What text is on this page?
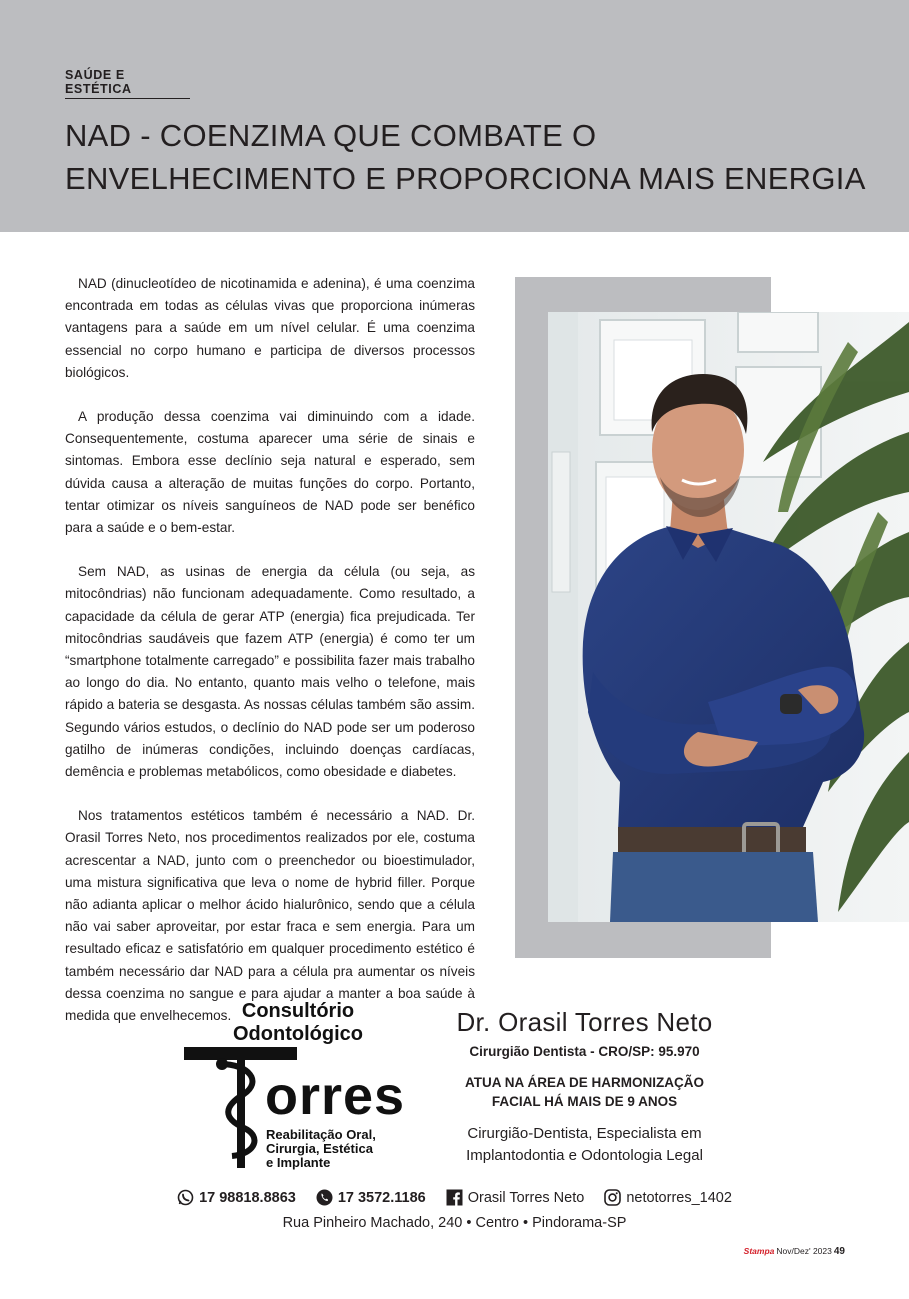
SAÚDE E ESTÉTICA
NAD - COENZIMA QUE COMBATE O
ENVELHECIMENTO E PROPORCIONA MAIS ENERGIA

NAD (dinucleotídeo de nicotinamida e adenina), é uma coenzima encontrada em todas as células vivas que proporciona inúmeras vantagens para a saúde em um nível celular. É uma coenzima essencial no corpo humano e participa de diversos processos biológicos.

A produção dessa coenzima vai diminuindo com a idade. Consequentemente, costuma aparecer uma série de sinais e sintomas. Embora esse declínio seja natural e esperado, sem dúvida causa a alteração de muitas funções do corpo. Portanto, tentar otimizar os níveis sanguíneos de NAD pode ser benéfico para a saúde e o bem-estar.

Sem NAD, as usinas de energia da célula (ou seja, as mitocôndrias) não funcionam adequadamente. Como resultado, a capacidade da célula de gerar ATP (energia) fica prejudicada. Ter mitocôndrias saudáveis que fazem ATP (energia) é como ter um “smartphone totalmente carregado” e possibilita fazer mais trabalho ao longo do dia. No entanto, quanto mais velho o telefone, mais rápido a bateria se desgasta. As nossas células também são assim. Segundo vários estudos, o declínio do NAD pode ser um poderoso gatilho de inúmeras condições, incluindo doenças cardíacas, demência e problemas metabólicos, como obesidade e diabetes.

Nos tratamentos estéticos também é necessário a NAD. Dr. Orasil Torres Neto, nos procedimentos realizados por ele, costuma acrescentar a NAD, junto com o preenchedor ou bioestimulador, uma mistura significativa que leva o nome de hybrid filler. Porque não adianta aplicar o melhor ácido hialurônico, sendo que a célula não vai saber aproveitar, por estar fraca e sem energia. Para um resultado eficaz e satisfatório em qualquer procedimento estético é também necessário dar NAD para a célula pra aumentar os níveis dessa coenzima no sangue e para ajudar a manter a boa saúde à medida que envelhecemos. Consultório
Odontológico
orres
Reabilitação Oral,
Cirurgia, Estética
e Implante
Dr. Orasil Torres Neto
Cirurgião Dentista - CRO/SP: 95.970
ATUA NA ÁREA DE HARMONIZAÇÃO
FACIAL HÁ MAIS DE 9 ANOS
Cirurgião-Dentista, Especialista em
Implantodontia e Odontologia Legal
17 98818.8863	17 3572.1186	Orasil Torres Neto	netotorres_1402
Rua Pinheiro Machado, 240 • Centro • Pindorama-SP
Stampa Nov/Dez' 2023 49
